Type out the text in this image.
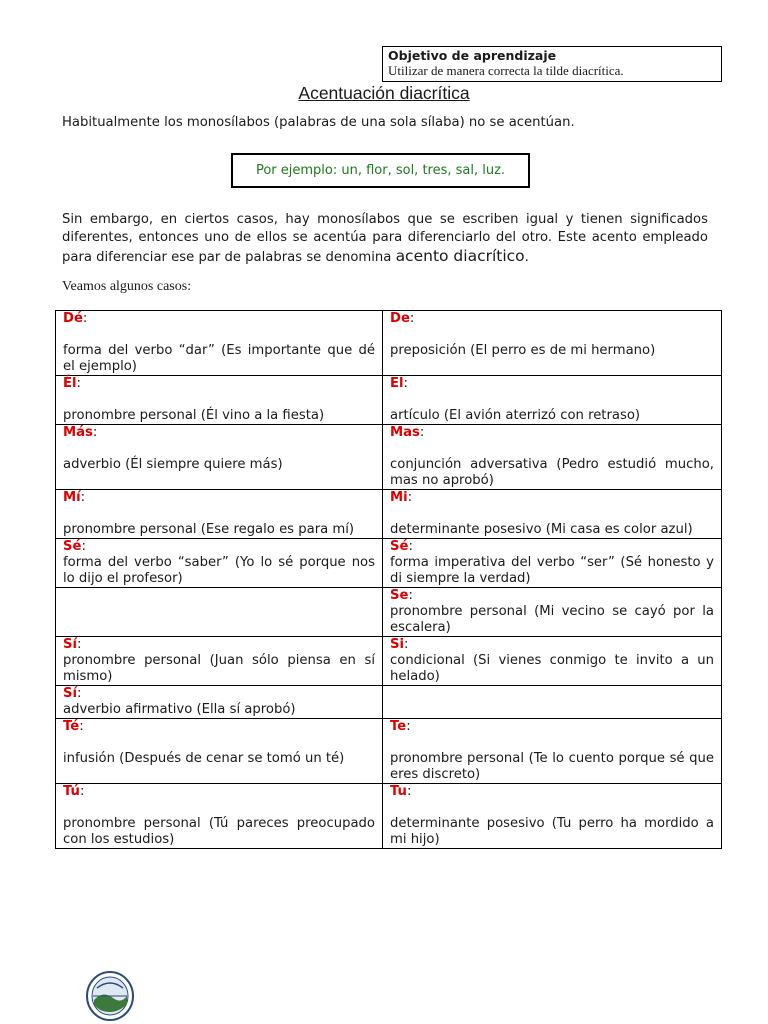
Objetivo de aprendizaje
Utilizar de manera correcta la tilde diacrítica.
Acentuación diacrítica
Habitualmente los monosílabos (palabras de una sola sílaba) no se acentúan.
Por ejemplo: un, flor, sol, tres, sal, luz.
Sin embargo, en ciertos casos, hay monosílabos que se escriben igual y tienen significados diferentes, entonces uno de ellos se acentúa para diferenciarlo del otro. Este acento empleado para diferenciar ese par de palabras se denomina acento diacrítico.
Veamos algunos casos:
Dé:
forma del verbo “dar” (Es importante que dé el ejemplo)	De:
preposición (El perro es de mi hermano)

Él:
pronombre personal (Él vino a la fiesta)	El:
artículo (El avión aterrizó con retraso)

Más:
adverbio (Él siempre quiere más)	Mas:
conjunción adversativa (Pedro estudió mucho, mas no aprobó)

Mí:
pronombre personal (Ese regalo es para mí)	Mi:
determinante posesivo (Mi casa es color azul)

Sé:
forma del verbo “saber” (Yo lo sé porque nos lo dijo el profesor)	Sé:
forma imperativa del verbo “ser” (Sé honesto y di siempre la verdad)

	Se:
pronombre personal (Mi vecino se cayó por la escalera)

Sí:
pronombre personal (Juan sólo piensa en sí mismo)	Si:
condicional (Si vienes conmigo te invito a un helado)

Sí:
adverbio afirmativo (Ella sí aprobó)	

Té:
infusión (Después de cenar se tomó un té)	Te:
pronombre personal (Te lo cuento porque sé que eres discreto)

Tú:
pronombre personal (Tú pareces preocupado con los estudios)	Tu:
determinante posesivo (Tu perro ha mordido a mi hijo)
